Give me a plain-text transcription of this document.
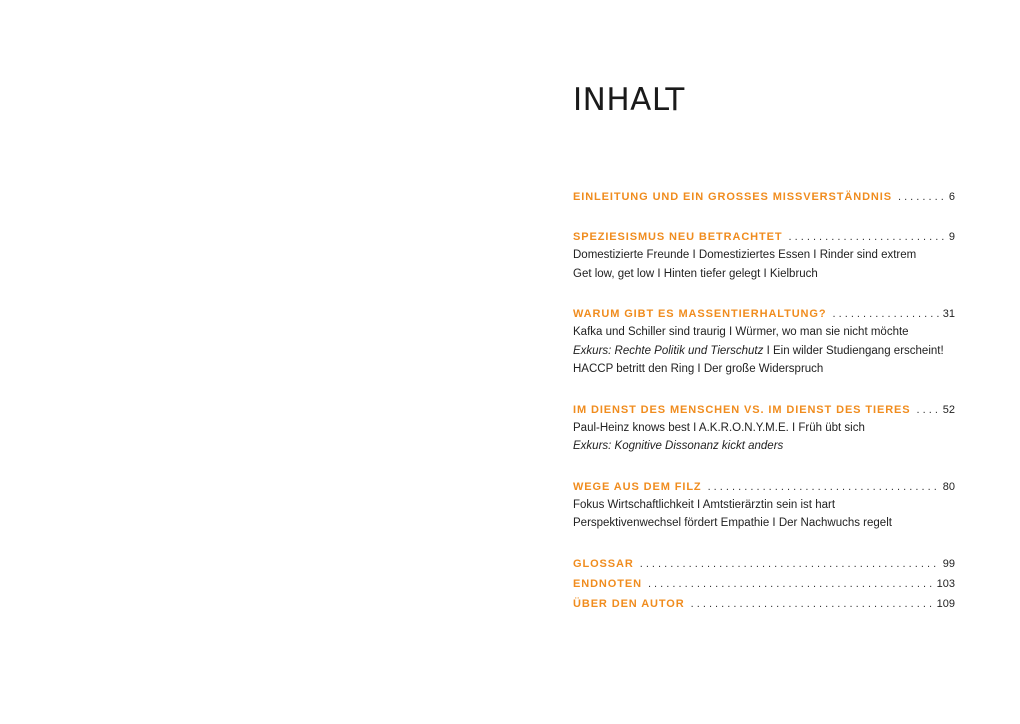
INHALT
EINLEITUNG UND EIN GROSSES MISSVERSTÄNDNIS . . .	6
SPEZIESISMUS NEU BETRACHTET . . .	9
Domestizierte Freunde I Domestiziertes Essen I Rinder sind extrem
Get low, get low I Hinten tiefer gelegt I Kielbruch
WARUM GIBT ES MASSENTIERHALTUNG? . . .	31
Kafka und Schiller sind traurig I Würmer, wo man sie nicht möchte
Exkurs: Rechte Politik und Tierschutz I Ein wilder Studiengang erscheint!
HACCP betritt den Ring I Der große Widerspruch
IM DIENST DES MENSCHEN VS. IM DIENST DES TIERES . . .	52
Paul-Heinz knows best I A.K.R.O.N.Y.M.E. I Früh übt sich
Exkurs: Kognitive Dissonanz kickt anders
WEGE AUS DEM FILZ . . .	80
Fokus Wirtschaftlichkeit I Amtstierärztin sein ist hart
Perspektivenwechsel fördert Empathie I Der Nachwuchs regelt
GLOSSAR . . .	99
ENDNOTEN . . .	103
ÜBER DEN AUTOR . . .	109
